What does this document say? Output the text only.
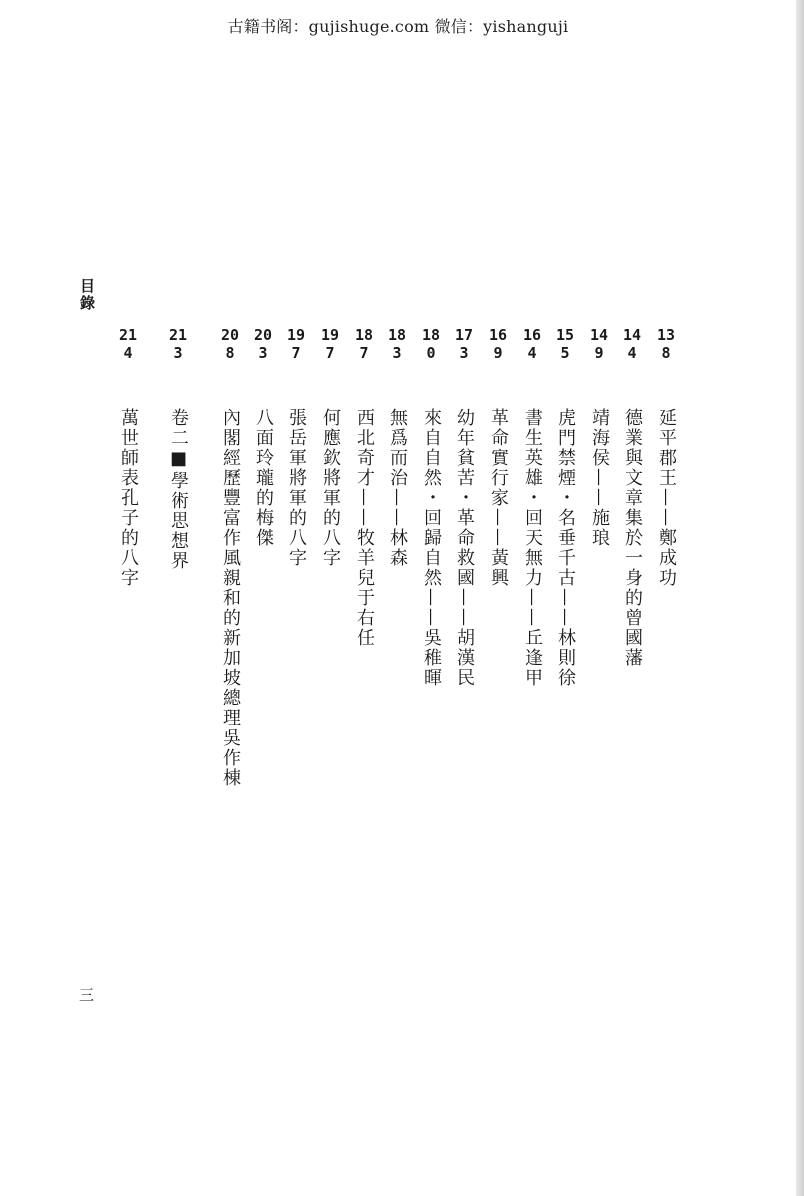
古籍书阁：gujishuge.com 微信：yishanguji
目錄
138
延平郡王——鄭成功
144
德業與文章集於一身的曾國藩
149
靖海侯——施琅
155
虎門禁煙・名垂千古——林則徐
164
書生英雄・回天無力——丘逢甲
169
革命實行家——黃興
173
幼年貧苦・革命救國——胡漢民
180
來自自然・回歸自然——吳稚暉
183
無爲而治——林森
187
西北奇才——牧羊兒于右任
197
何應欽將軍的八字
197
張岳軍將軍的八字
203
八面玲瓏的梅傑
208
內閣經歷豐富作風親和的新加坡總理吳作棟
213
卷二■學術思想界
214
萬世師表孔子的八字
三
